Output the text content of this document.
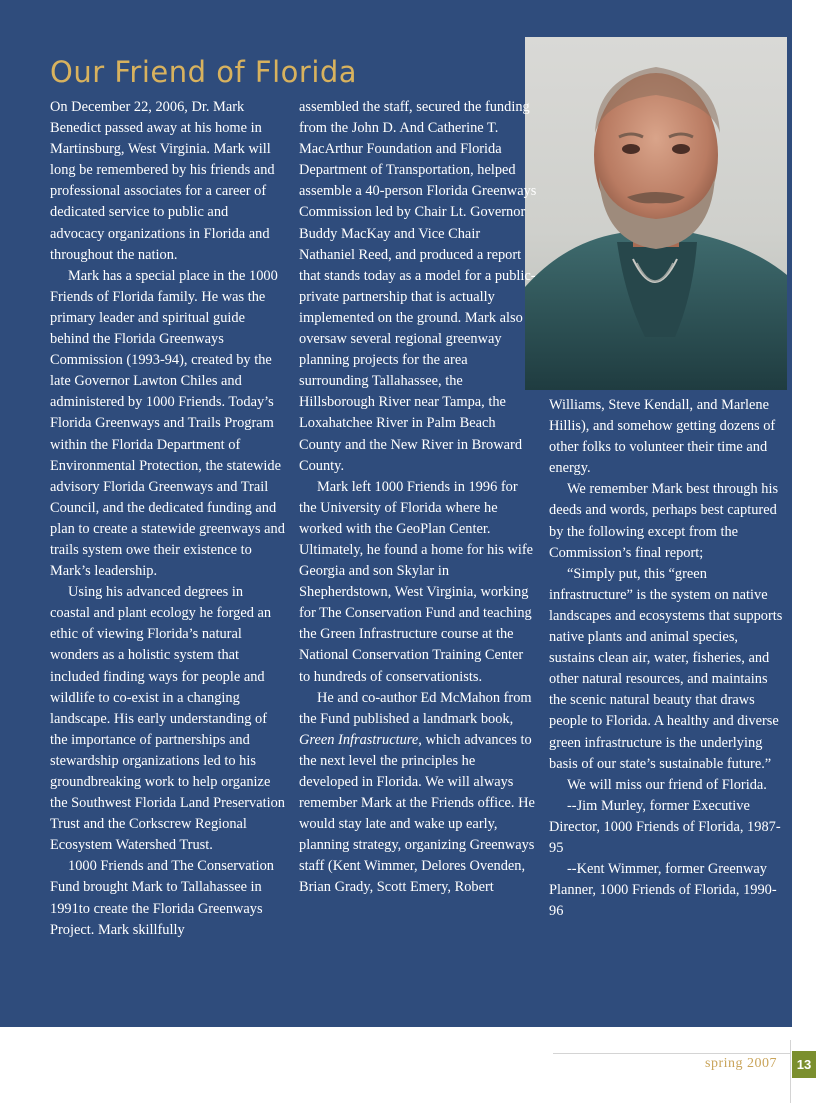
Our Friend of Florida

On December 22, 2006, Dr. Mark Benedict passed away at his home in Martinsburg, West Virginia. Mark will long be remembered by his friends and professional associates for a career of dedicated service to public and advocacy organizations in Florida and throughout the nation.

Mark has a special place in the 1000 Friends of Florida family. He was the primary leader and spiritual guide behind the Florida Greenways Commission (1993-94), created by the late Governor Lawton Chiles and administered by 1000 Friends. Today’s Florida Greenways and Trails Program within the Florida Department of Environmental Protection, the statewide advisory Florida Greenways and Trail Council, and the dedicated funding and plan to create a statewide greenways and trails system owe their existence to Mark’s leadership.

Using his advanced degrees in coastal and plant ecology he forged an ethic of viewing Florida’s natural wonders as a holistic system that included finding ways for people and wildlife to co-exist in a changing landscape. His early understanding of the importance of partnerships and stewardship organizations led to his groundbreaking work to help organize the Southwest Florida Land Preservation Trust and the Corkscrew Regional Ecosystem Watershed Trust.

1000 Friends and The Conservation Fund brought Mark to Tallahassee in 1991to create the Florida Greenways Project. Mark skillfully

assembled the staff, secured the funding from the John D. And Catherine T. MacArthur Foundation and Florida Department of Transportation, helped assemble a 40-person Florida Greenways Commission led by Chair Lt. Governor Buddy MacKay and Vice Chair Nathaniel Reed, and produced a report that stands today as a model for a public-private partnership that is actually implemented on the ground. Mark also oversaw several regional greenway planning projects for the area surrounding Tallahassee, the Hillsborough River near Tampa, the Loxahatchee River in Palm Beach County and the New River in Broward County.

Mark left 1000 Friends in 1996 for the University of Florida where he worked with the GeoPlan Center. Ultimately, he found a home for his wife Georgia and son Skylar in Shepherdstown, West Virginia, working for The Conservation Fund and teaching the Green Infrastructure course at the National Conservation Training Center to hundreds of conservationists.

He and co-author Ed McMahon from the Fund published a landmark book, Green Infrastructure, which advances to the next level the principles he developed in Florida. We will always remember Mark at the Friends office. He would stay late and wake up early, planning strategy, organizing Greenways staff (Kent Wimmer, Delores Ovenden, Brian Grady, Scott Emery, Robert

Williams, Steve Kendall, and Marlene Hillis), and somehow getting dozens of other folks to volunteer their time and energy.

We remember Mark best through his deeds and words, perhaps best captured by the following except from the Commission’s final report;

“Simply put, this “green infrastructure” is the system on native landscapes and ecosystems that supports native plants and animal species, sustains clean air, water, fisheries, and other natural resources, and maintains the scenic natural beauty that draws people to Florida. A healthy and diverse green infrastructure is the underlying basis of our state’s sustainable future.”

We will miss our friend of Florida.

--Jim Murley, former Executive Director, 1000 Friends of Florida, 1987-95

--Kent Wimmer, former Greenway Planner, 1000 Friends of Florida, 1990-96

spring 2007	13
